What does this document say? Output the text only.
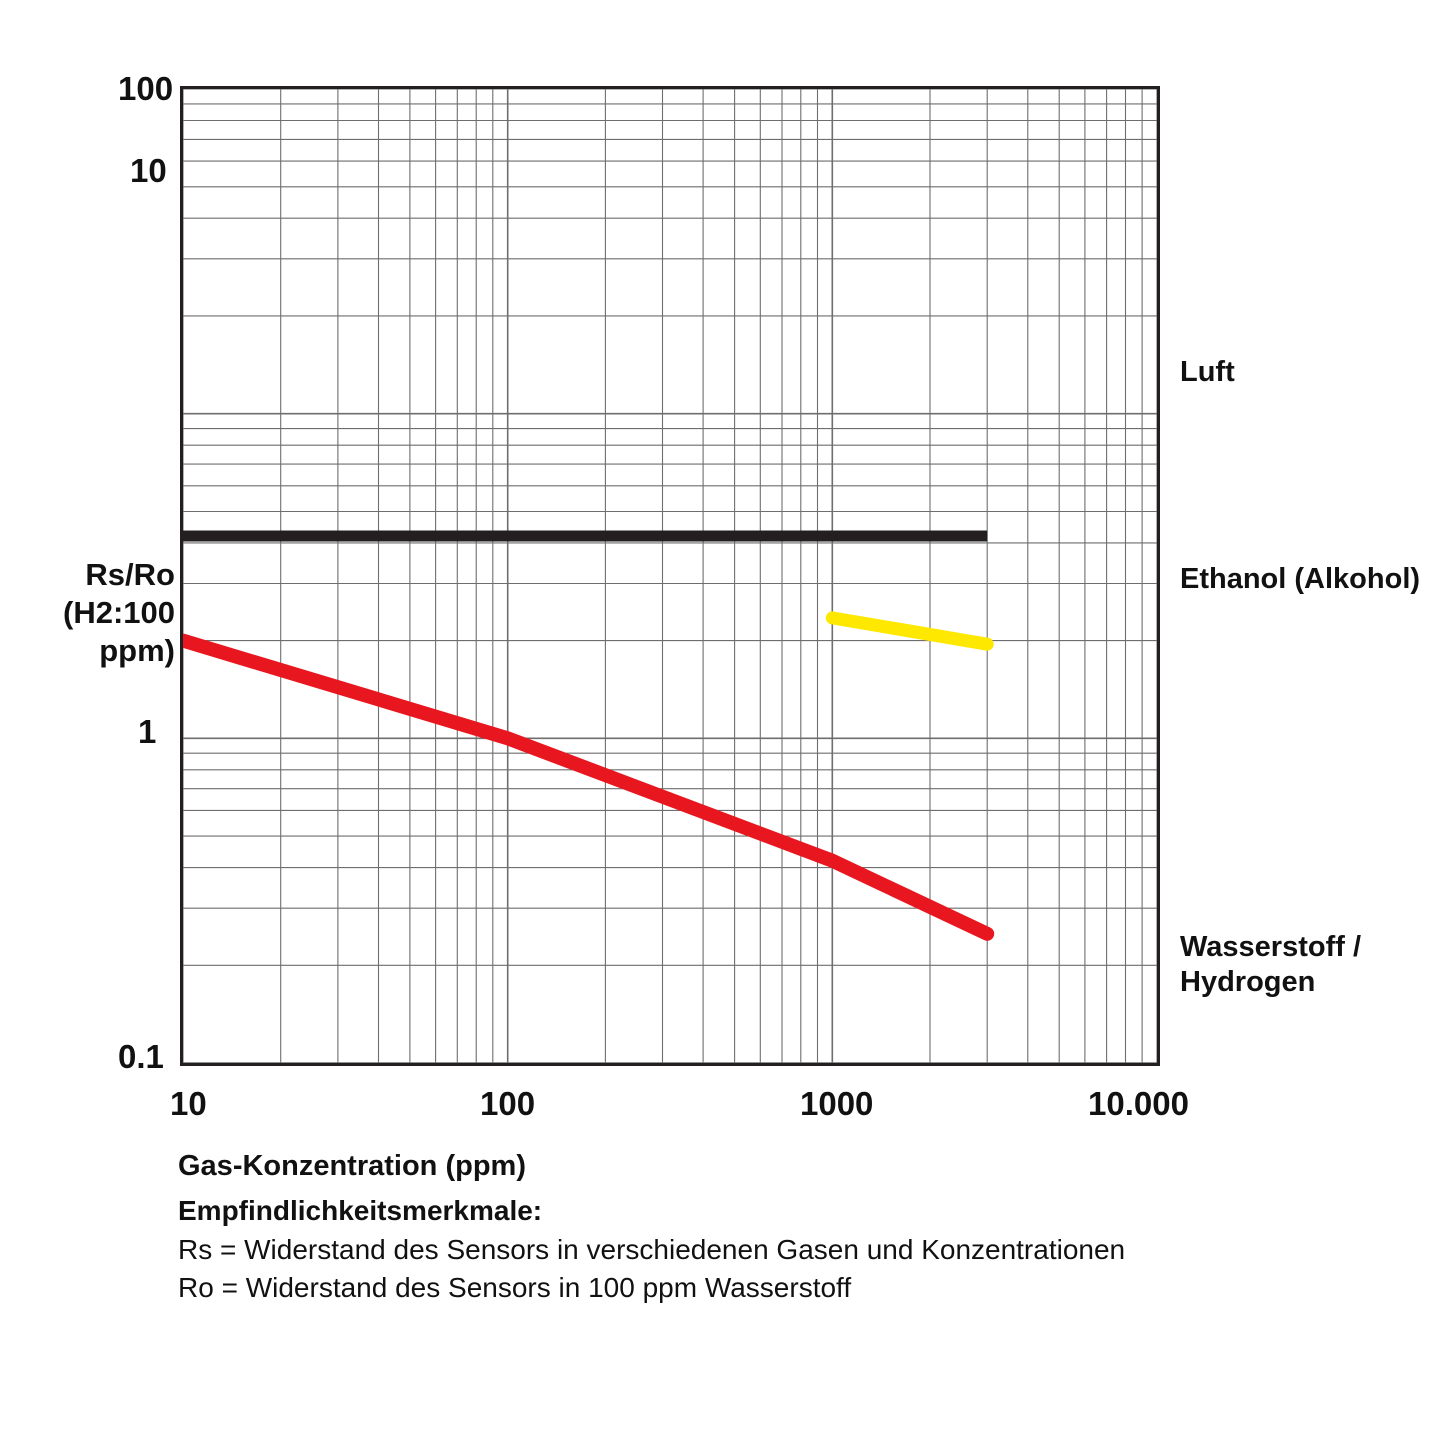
100
10
1
0.1
Rs/Ro
(H2:100 ppm)
10	100	1000	10.000
Luft
Ethanol (Alkohol)
Wasserstoff /
Hydrogen
Gas-Konzentration (ppm)
Empfindlichkeitsmerkmale:
Rs = Widerstand des Sensors in verschiedenen Gasen und Konzentrationen
Ro = Widerstand des Sensors in 100 ppm Wasserstoff
